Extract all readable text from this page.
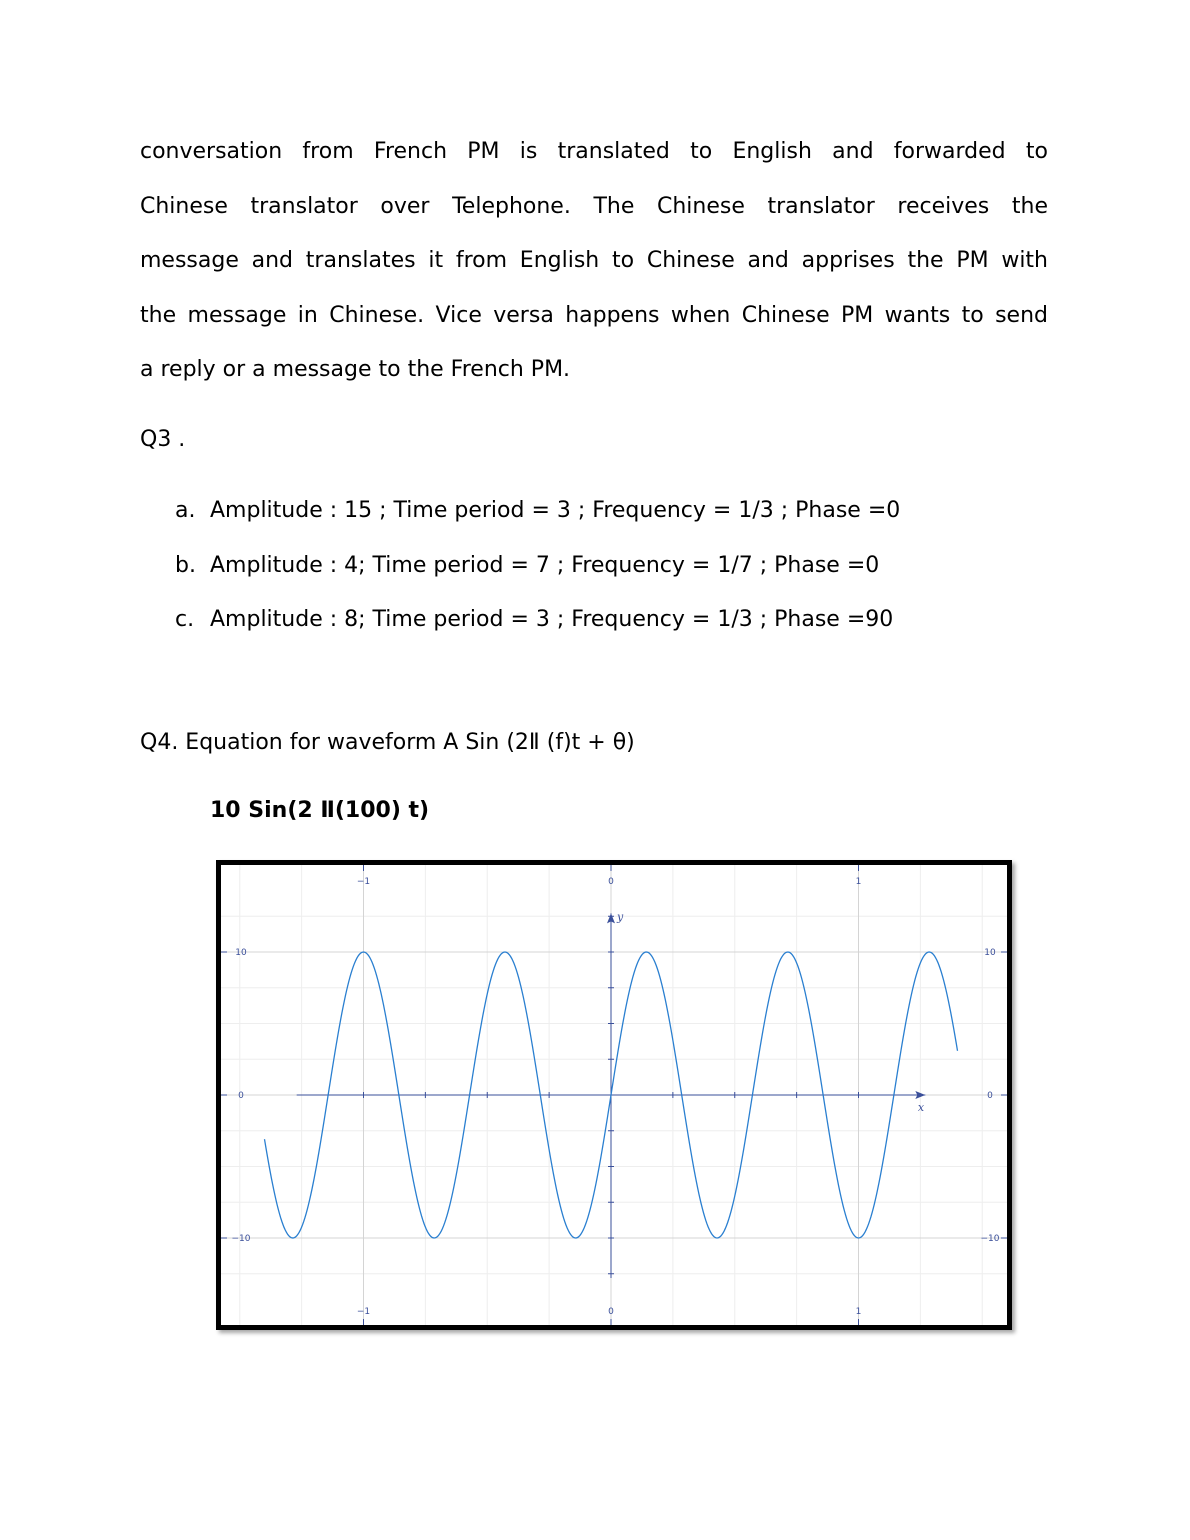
conversation from French PM is translated to English and forwarded to
Chinese translator over Telephone. The Chinese translator receives the
message and translates it from English to Chinese and apprises the PM with
the message in Chinese. Vice versa happens when Chinese PM wants to send
a reply or a message to the French PM.

Q3 .

a. Amplitude : 15 ; Time period = 3 ; Frequency = 1/3 ; Phase =0
b. Amplitude : 4; Time period = 7 ; Frequency = 1/7 ; Phase =0
c. Amplitude : 8; Time period = 3 ; Frequency = 1/3 ; Phase =90

Q4. Equation for waveform A Sin (2Ⅱ (f)t + θ)

10 Sin(2 Ⅱ(100) t)

x
y
−1
−1
0
0
1
1
−10	−10
0	0
10	10
